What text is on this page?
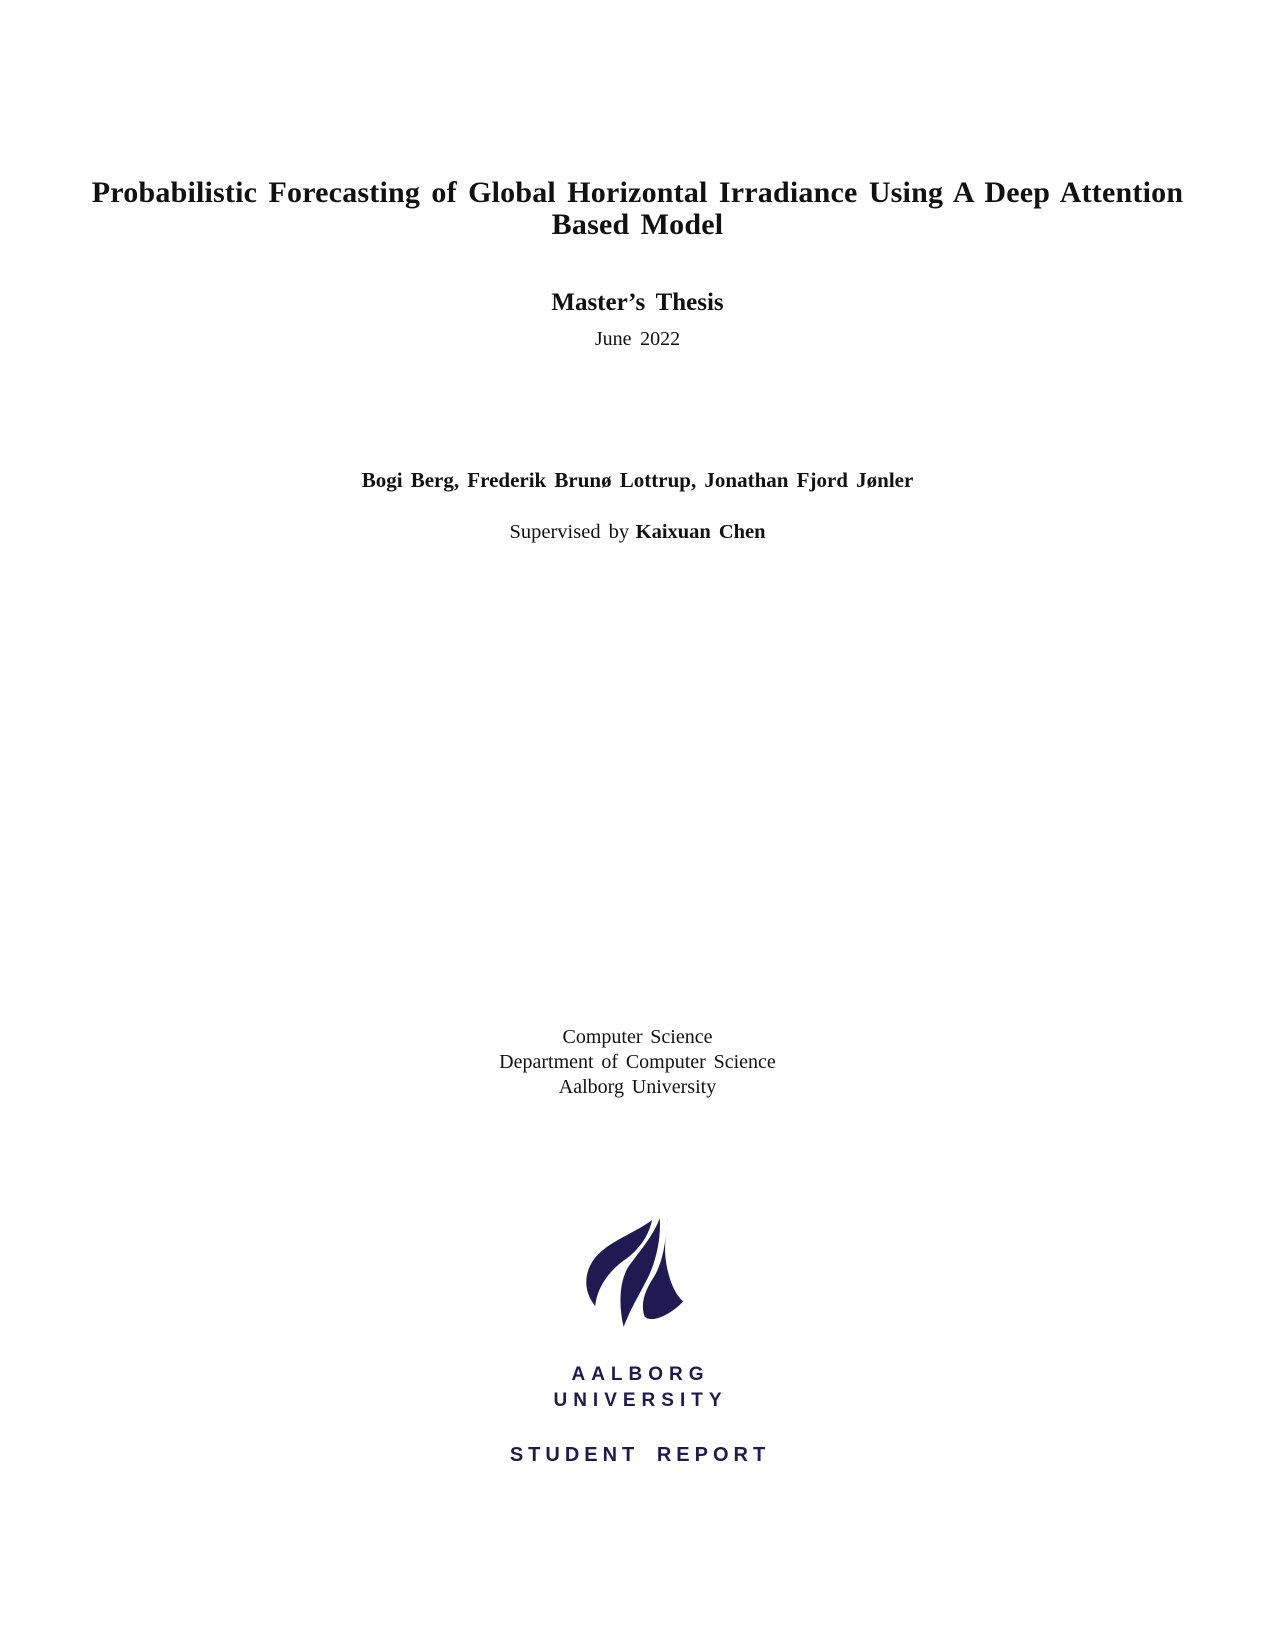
Probabilistic Forecasting of Global Horizontal Irradiance Using A Deep Attention
Based Model
Master’s Thesis
June 2022
Bogi Berg, Frederik Brunø Lottrup, Jonathan Fjord Jønler
Supervised by Kaixuan Chen
Computer Science
Department of Computer Science
Aalborg University
AALBORG
UNIVERSITY
STUDENT REPORT
